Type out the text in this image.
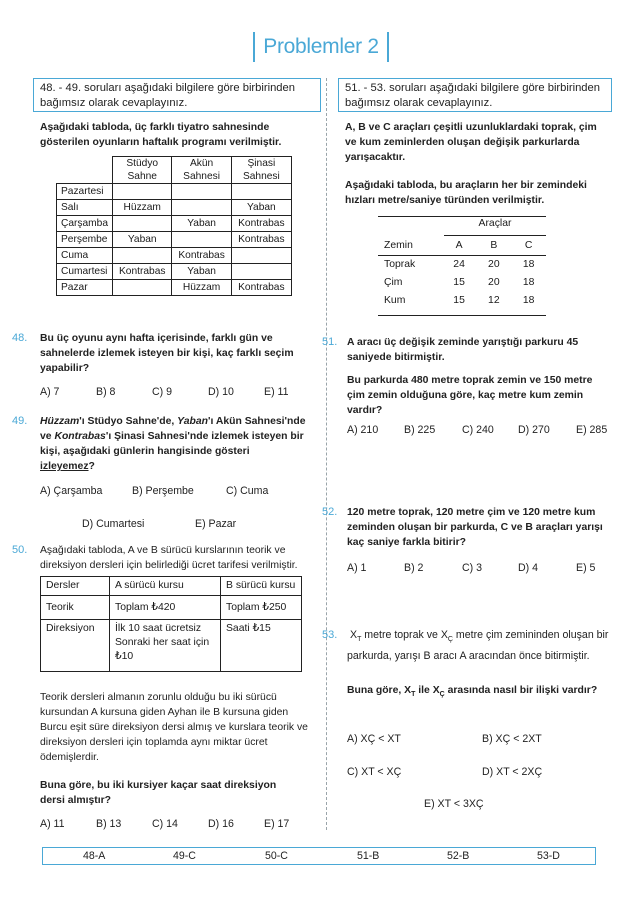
Problemler 2
48. - 49. soruları aşağıdaki bilgilere göre birbirinden bağımsız olarak cevaplayınız.
51. - 53. soruları aşağıdaki bilgilere göre birbirinden bağımsız olarak cevaplayınız.
Aşağıdaki tabloda, üç farklı tiyatro sahnesinde gösterilen oyunların haftalık programı verilmiştir.
	Stüdyo Sahne	Akün Sahnesi	Şinasi Sahnesi
Pazartesi			
Salı	Hüzzam		Yaban
Çarşamba		Yaban	Kontrabas
Perşembe	Yaban		Kontrabas
Cuma		Kontrabas	
Cumartesi	Kontrabas	Yaban	
Pazar		Hüzzam	Kontrabas
48. Bu üç oyunu aynı hafta içerisinde, farklı gün ve sahnelerde izlemek isteyen bir kişi, kaç farklı seçim yapabilir?
A) 7	B) 8	C) 9	D) 10	E) 11
49. Hüzzam'ı Stüdyo Sahne'de, Yaban'ı Akün Sahnesi'nde ve Kontrabas'ı Şinasi Sahnesi'nde izlemek isteyen bir kişi, aşağıdaki günlerin hangisinde gösteri izleyemez?
A) Çarşamba	B) Perşembe	C) Cuma
D) Cumartesi	E) Pazar
50. Aşağıdaki tabloda, A ve B sürücü kurslarının teorik ve direksiyon dersleri için belirlediği ücret tarifesi verilmiştir.
Dersler	A sürücü kursu	B sürücü kursu
Teorik	Toplam ₺420	Toplam ₺250
Direksiyon	İlk 10 saat ücretsiz Sonraki her saat için ₺10	Saati ₺15
Teorik dersleri almanın zorunlu olduğu bu iki sürücü kursundan A kursuna giden Ayhan ile B kursuna giden Burcu eşit süre direksiyon dersi almış ve kurslara teorik ve direksiyon dersleri için toplamda aynı miktar ücret ödemişlerdir.
Buna göre, bu iki kursiyer kaçar saat direksiyon dersi almıştır?
A) 11	B) 13	C) 14	D) 16	E) 17
A, B ve C araçları çeşitli uzunluklardaki toprak, çim ve kum zeminlerden oluşan değişik parkurlarda yarışacaktır.
Aşağıdaki tabloda, bu araçların her bir zemindeki hızları metre/saniye türünden verilmiştir.
Araçlar
Zemin	A	B	C
Toprak	24	20	18
Çim	15	20	18
Kum	15	12	18
51. A aracı üç değişik zeminde yarıştığı parkuru 45 saniyede bitirmiştir.
Bu parkurda 480 metre toprak zemin ve 150 metre çim zemin olduğuna göre, kaç metre kum zemin vardır?
A) 210 B) 225	C) 240 D) 270 E) 285
52. 120 metre toprak, 120 metre çim ve 120 metre kum zeminden oluşan bir parkurda, C ve B araçları yarışı kaç saniye farkla bitirir?
A) 1	B) 2	C) 3	D) 4	E) 5
53. $X_T$ metre toprak ve $X_Ç$ metre çim zemininden oluşan bir
parkurda, yarışı B aracı A aracından önce bitirmiştir.
Buna göre, $X_T$ ile $X_Ç$ arasında nasıl bir ilişki vardır?
A) XÇ < XT	B) XÇ < 2XT
C) XT < XÇ	D) XT < 2XÇ
E) XT < 3XÇ
48-A	49-C	50-C	51-B	52-B	53-D
